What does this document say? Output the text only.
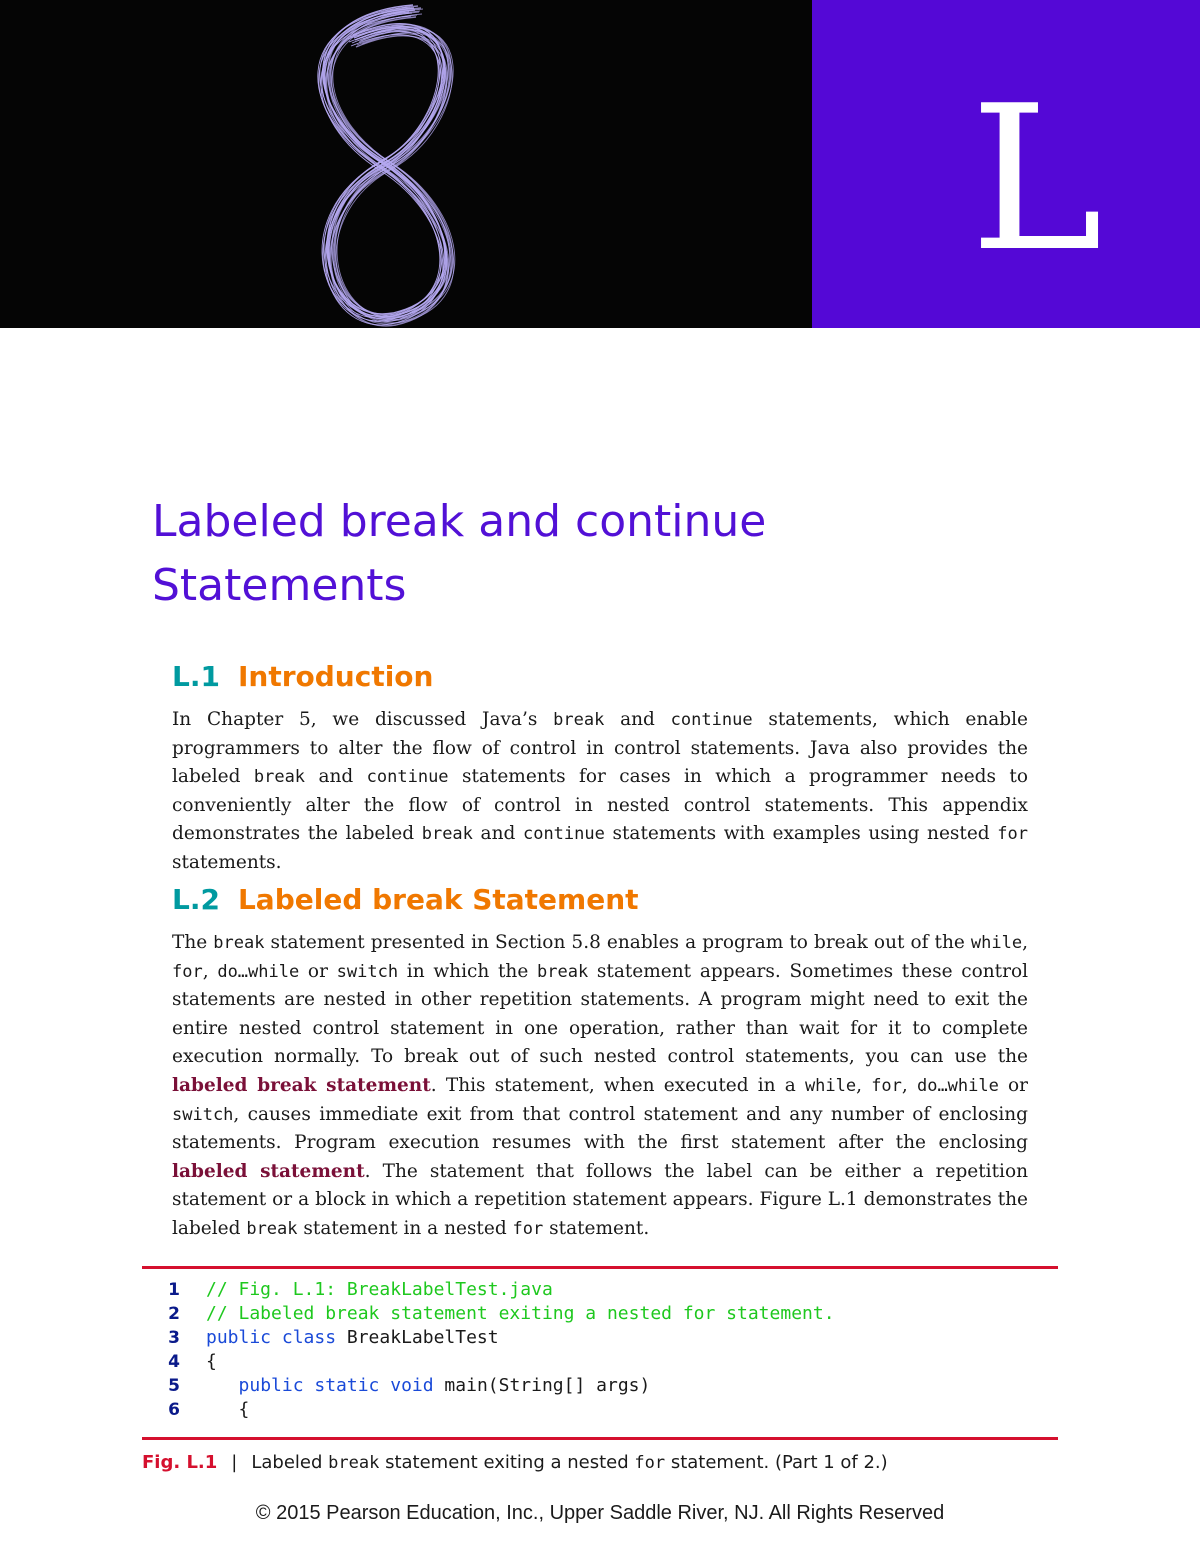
L
Labeled break and continue
Statements
L.1 Introduction

In Chapter 5, we discussed Java’s break and continue statements, which enable programmers to alter the flow of control in control statements. Java also provides the labeled break and continue statements for cases in which a programmer needs to conveniently alter the flow of control in nested control statements. This appendix demonstrates the labeled break and continue statements with examples using nested for statements.

L.2 Labeled break Statement

The break statement presented in Section 5.8 enables a program to break out of the while, for, do…while or switch in which the break statement appears. Sometimes these control statements are nested in other repetition statements. A program might need to exit the entire nested control statement in one operation, rather than wait for it to complete execution normally. To break out of such nested control statements, you can use the labeled break statement. This statement, when executed in a while, for, do…while or switch, causes immediate exit from that control statement and any number of enclosing statements. Program execution resumes with the first statement after the enclosing labeled statement. The statement that follows the label can be either a repetition statement or a block in which a repetition statement appears. Figure L.1 demonstrates the labeled break statement in a nested for statement.

1 // Fig. L.1: BreakLabelTest.java
2 // Labeled break statement exiting a nested for statement.
3 public class BreakLabelTest
4 {
5
	public static void main(String[] args)
6 {
Fig. L.1 | Labeled break statement exiting a nested for statement. (Part 1 of 2.)
© 2015 Pearson Education, Inc., Upper Saddle River, NJ. All Rights Reserved
